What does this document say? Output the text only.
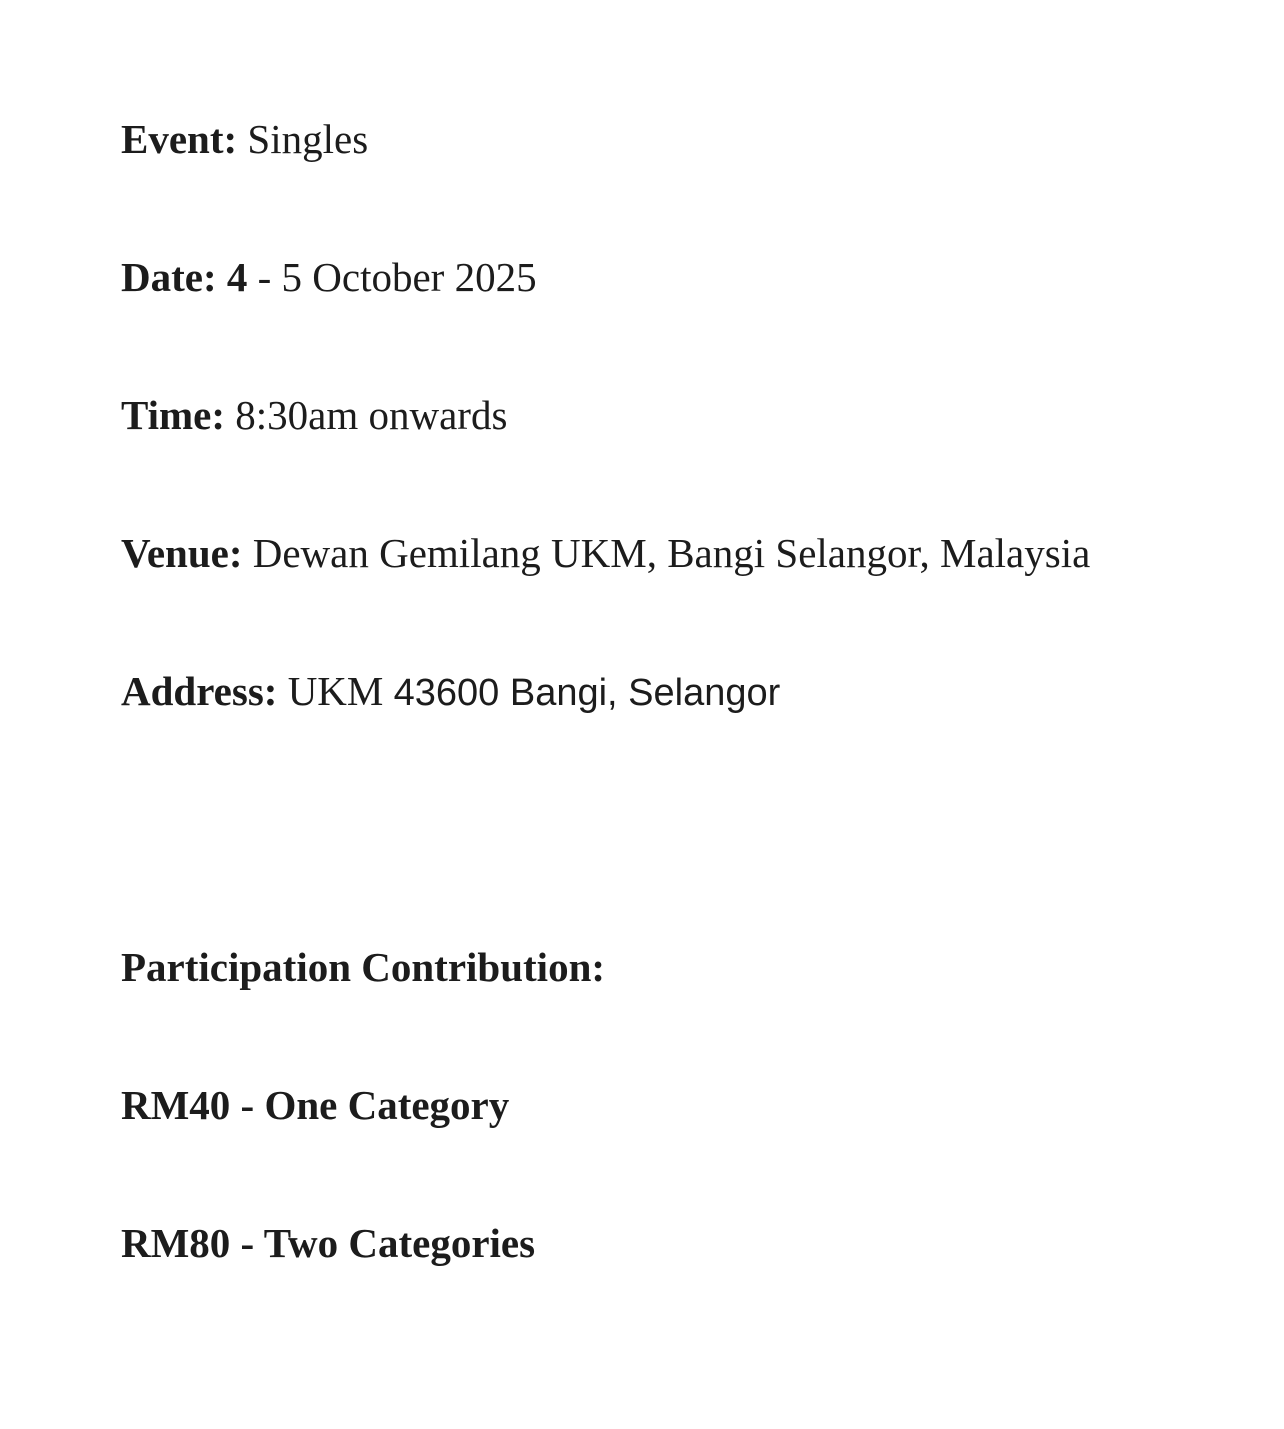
Event: Singles
Date: 4 - 5 October 2025
Time: 8:30am onwards
Venue: Dewan Gemilang UKM, Bangi Selangor, Malaysia
Address: UKM 43600 Bangi, Selangor
Participation Contribution:
RM40 - One Category
RM80 - Two Categories
